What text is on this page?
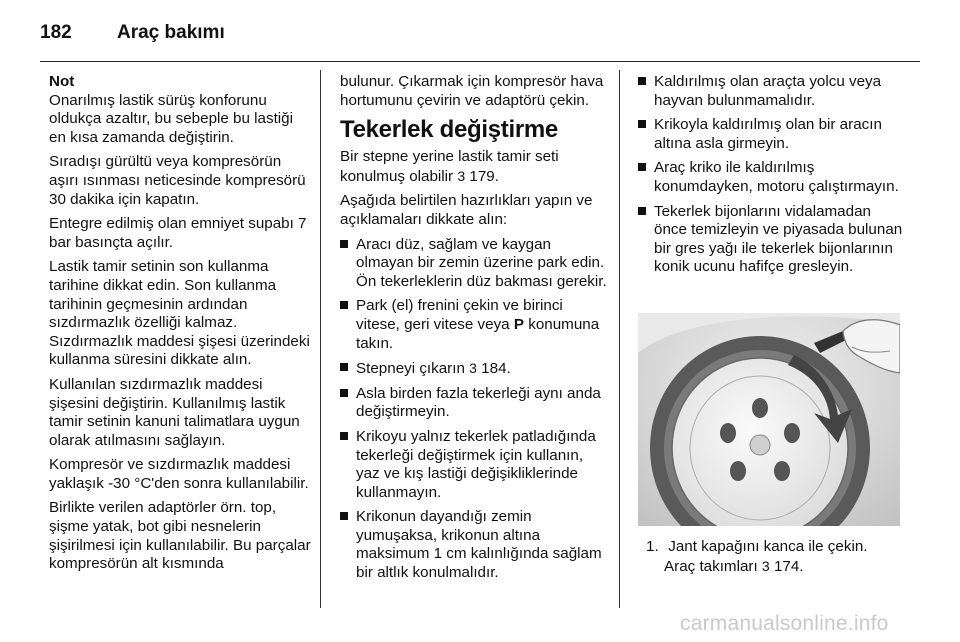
182 Araç bakımı

Not

Onarılmış lastik sürüş konforunu oldukça azaltır, bu sebeple bu lastiği en kısa zamanda değiştirin.

Sıradışı gürültü veya kompresörün aşırı ısınması neticesinde kompresörü 30 dakika için kapatın.

Entegre edilmiş olan emniyet supabı 7 bar basınçta açılır.

Lastik tamir setinin son kullanma tarihine dikkat edin. Son kullanma tarihinin geçmesinin ardından sızdırmazlık özelliği kalmaz. Sızdırmazlık maddesi şişesi üzerindeki kullanma süresini dikkate alın.

Kullanılan sızdırmazlık maddesi şişesini değiştirin. Kullanılmış lastik tamir setinin kanuni talimatlara uygun olarak atılmasını sağlayın.

Kompresör ve sızdırmazlık maddesi yaklaşık -30 °C'den sonra kullanılabilir.

Birlikte verilen adaptörler örn. top, şişme yatak, bot gibi nesnelerin şişirilmesi için kullanılabilir. Bu parçalar kompresörün alt kısmında

bulunur. Çıkarmak için kompresör hava hortumunu çevirin ve adaptörü çekin.

Tekerlek değiştirme

Bir stepne yerine lastik tamir seti konulmuş olabilir 3 179.

Aşağıda belirtilen hazırlıkları yapın ve açıklamaları dikkate alın:

Aracı düz, sağlam ve kaygan olmayan bir zemin üzerine park edin. Ön tekerleklerin düz bakması gerekir.
Park (el) frenini çekin ve birinci vitese, geri vitese veya P konumuna takın.
Stepneyi çıkarın 3 184.
Asla birden fazla tekerleği aynı anda değiştirmeyin.
Krikoyu yalnız tekerlek patladığında tekerleği değiştirmek için kullanın, yaz ve kış lastiği değişikliklerinde kullanmayın.
Krikonun dayandığı zemin yumuşaksa, krikonun altına maksimum 1 cm kalınlığında sağlam bir altlık konulmalıdır.
Kaldırılmış olan araçta yolcu veya hayvan bulunmamalıdır.
Krikoyla kaldırılmış olan bir aracın altına asla girmeyin.
Araç kriko ile kaldırılmış konumdayken, motoru çalıştırmayın.
Tekerlek bijonlarını vidalamadan önce temizleyin ve piyasada bulunan bir gres yağı ile tekerlek bijonlarının konik ucunu hafifçe gresleyin.
1. Jant kapağını kanca ile çekin.
Araç takımları 3 174.
carmanualsonline.info
